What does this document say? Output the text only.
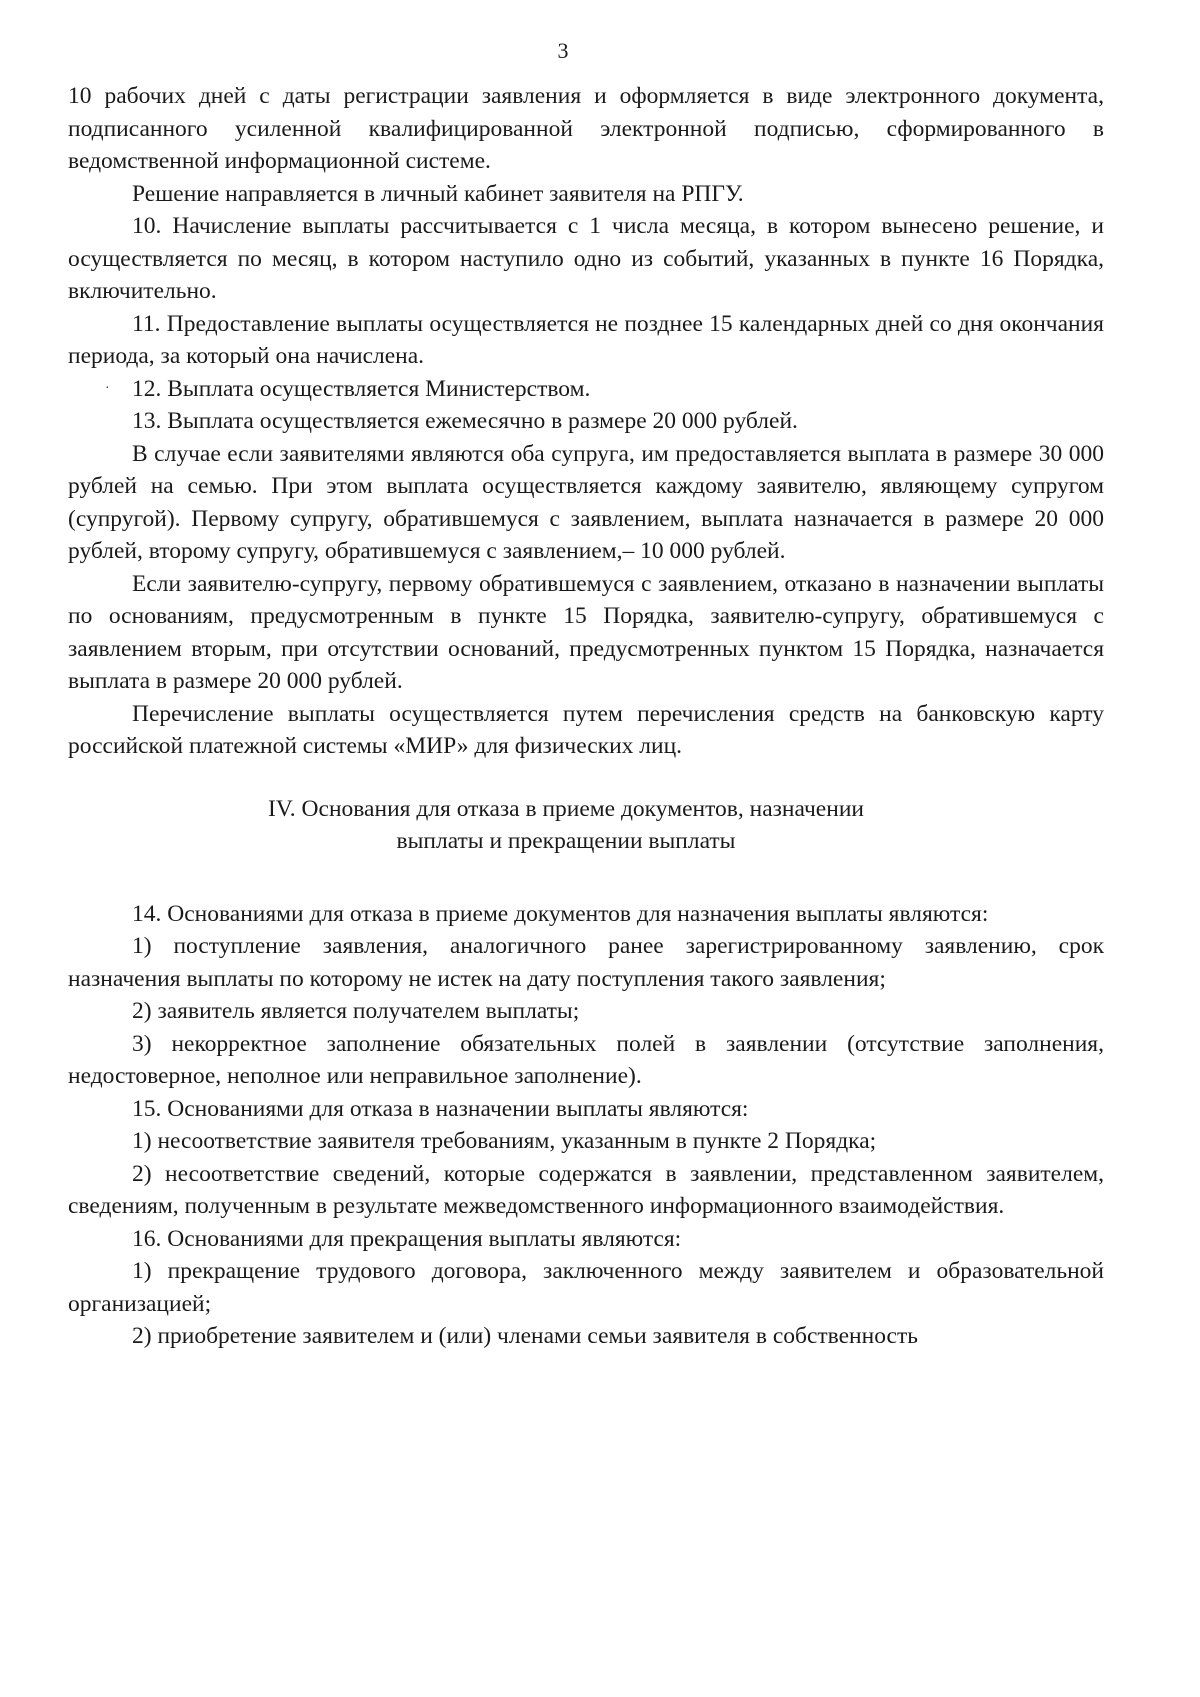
3
·

10 рабочих дней с даты регистрации заявления и оформляется в виде электронного документа, подписанного усиленной квалифицированной электронной подписью, сформированного в ведомственной информационной системе.

Решение направляется в личный кабинет заявителя на РПГУ.

10. Начисление выплаты рассчитывается с 1 числа месяца, в котором вынесено решение, и осуществляется по месяц, в котором наступило одно из событий, указанных в пункте 16 Порядка, включительно.

11. Предоставление выплаты осуществляется не позднее 15 календарных дней со дня окончания периода, за который она начислена.

12. Выплата осуществляется Министерством.

13. Выплата осуществляется ежемесячно в размере 20 000 рублей.

В случае если заявителями являются оба супруга, им предоставляется выплата в размере 30 000 рублей на семью. При этом выплата осуществляется каждому заявителю, являющему супругом (супругой). Первому супругу, обратившемуся с заявлением, выплата назначается в размере 20 000 рублей, второму супругу, обратившемуся с заявлением,– 10 000 рублей.

Если заявителю-супругу, первому обратившемуся с заявлением, отказано в назначении выплаты по основаниям, предусмотренным в пункте 15 Порядка, заявителю-супругу, обратившемуся с заявлением вторым, при отсутствии оснований, предусмотренных пунктом 15 Порядка, назначается выплата в размере 20 000 рублей.

Перечисление выплаты осуществляется путем перечисления средств на банковскую карту российской платежной системы «МИР» для физических лиц.

IV. Основания для отказа в приеме документов, назначении
выплаты и прекращении выплаты

14. Основаниями для отказа в приеме документов для назначения выплаты являются:

1) поступление заявления, аналогичного ранее зарегистрированному заявлению, срок назначения выплаты по которому не истек на дату поступления такого заявления;

2) заявитель является получателем выплаты;

3) некорректное заполнение обязательных полей в заявлении (отсутствие заполнения, недостоверное, неполное или неправильное заполнение).

15. Основаниями для отказа в назначении выплаты являются:

1) несоответствие заявителя требованиям, указанным в пункте 2 Порядка;

2) несоответствие сведений, которые содержатся в заявлении, представленном заявителем, сведениям, полученным в результате межведомственного информационного взаимодействия.

16. Основаниями для прекращения выплаты являются:

1) прекращение трудового договора, заключенного между заявителем и образовательной организацией;

2) приобретение заявителем и (или) членами семьи заявителя в собственность
